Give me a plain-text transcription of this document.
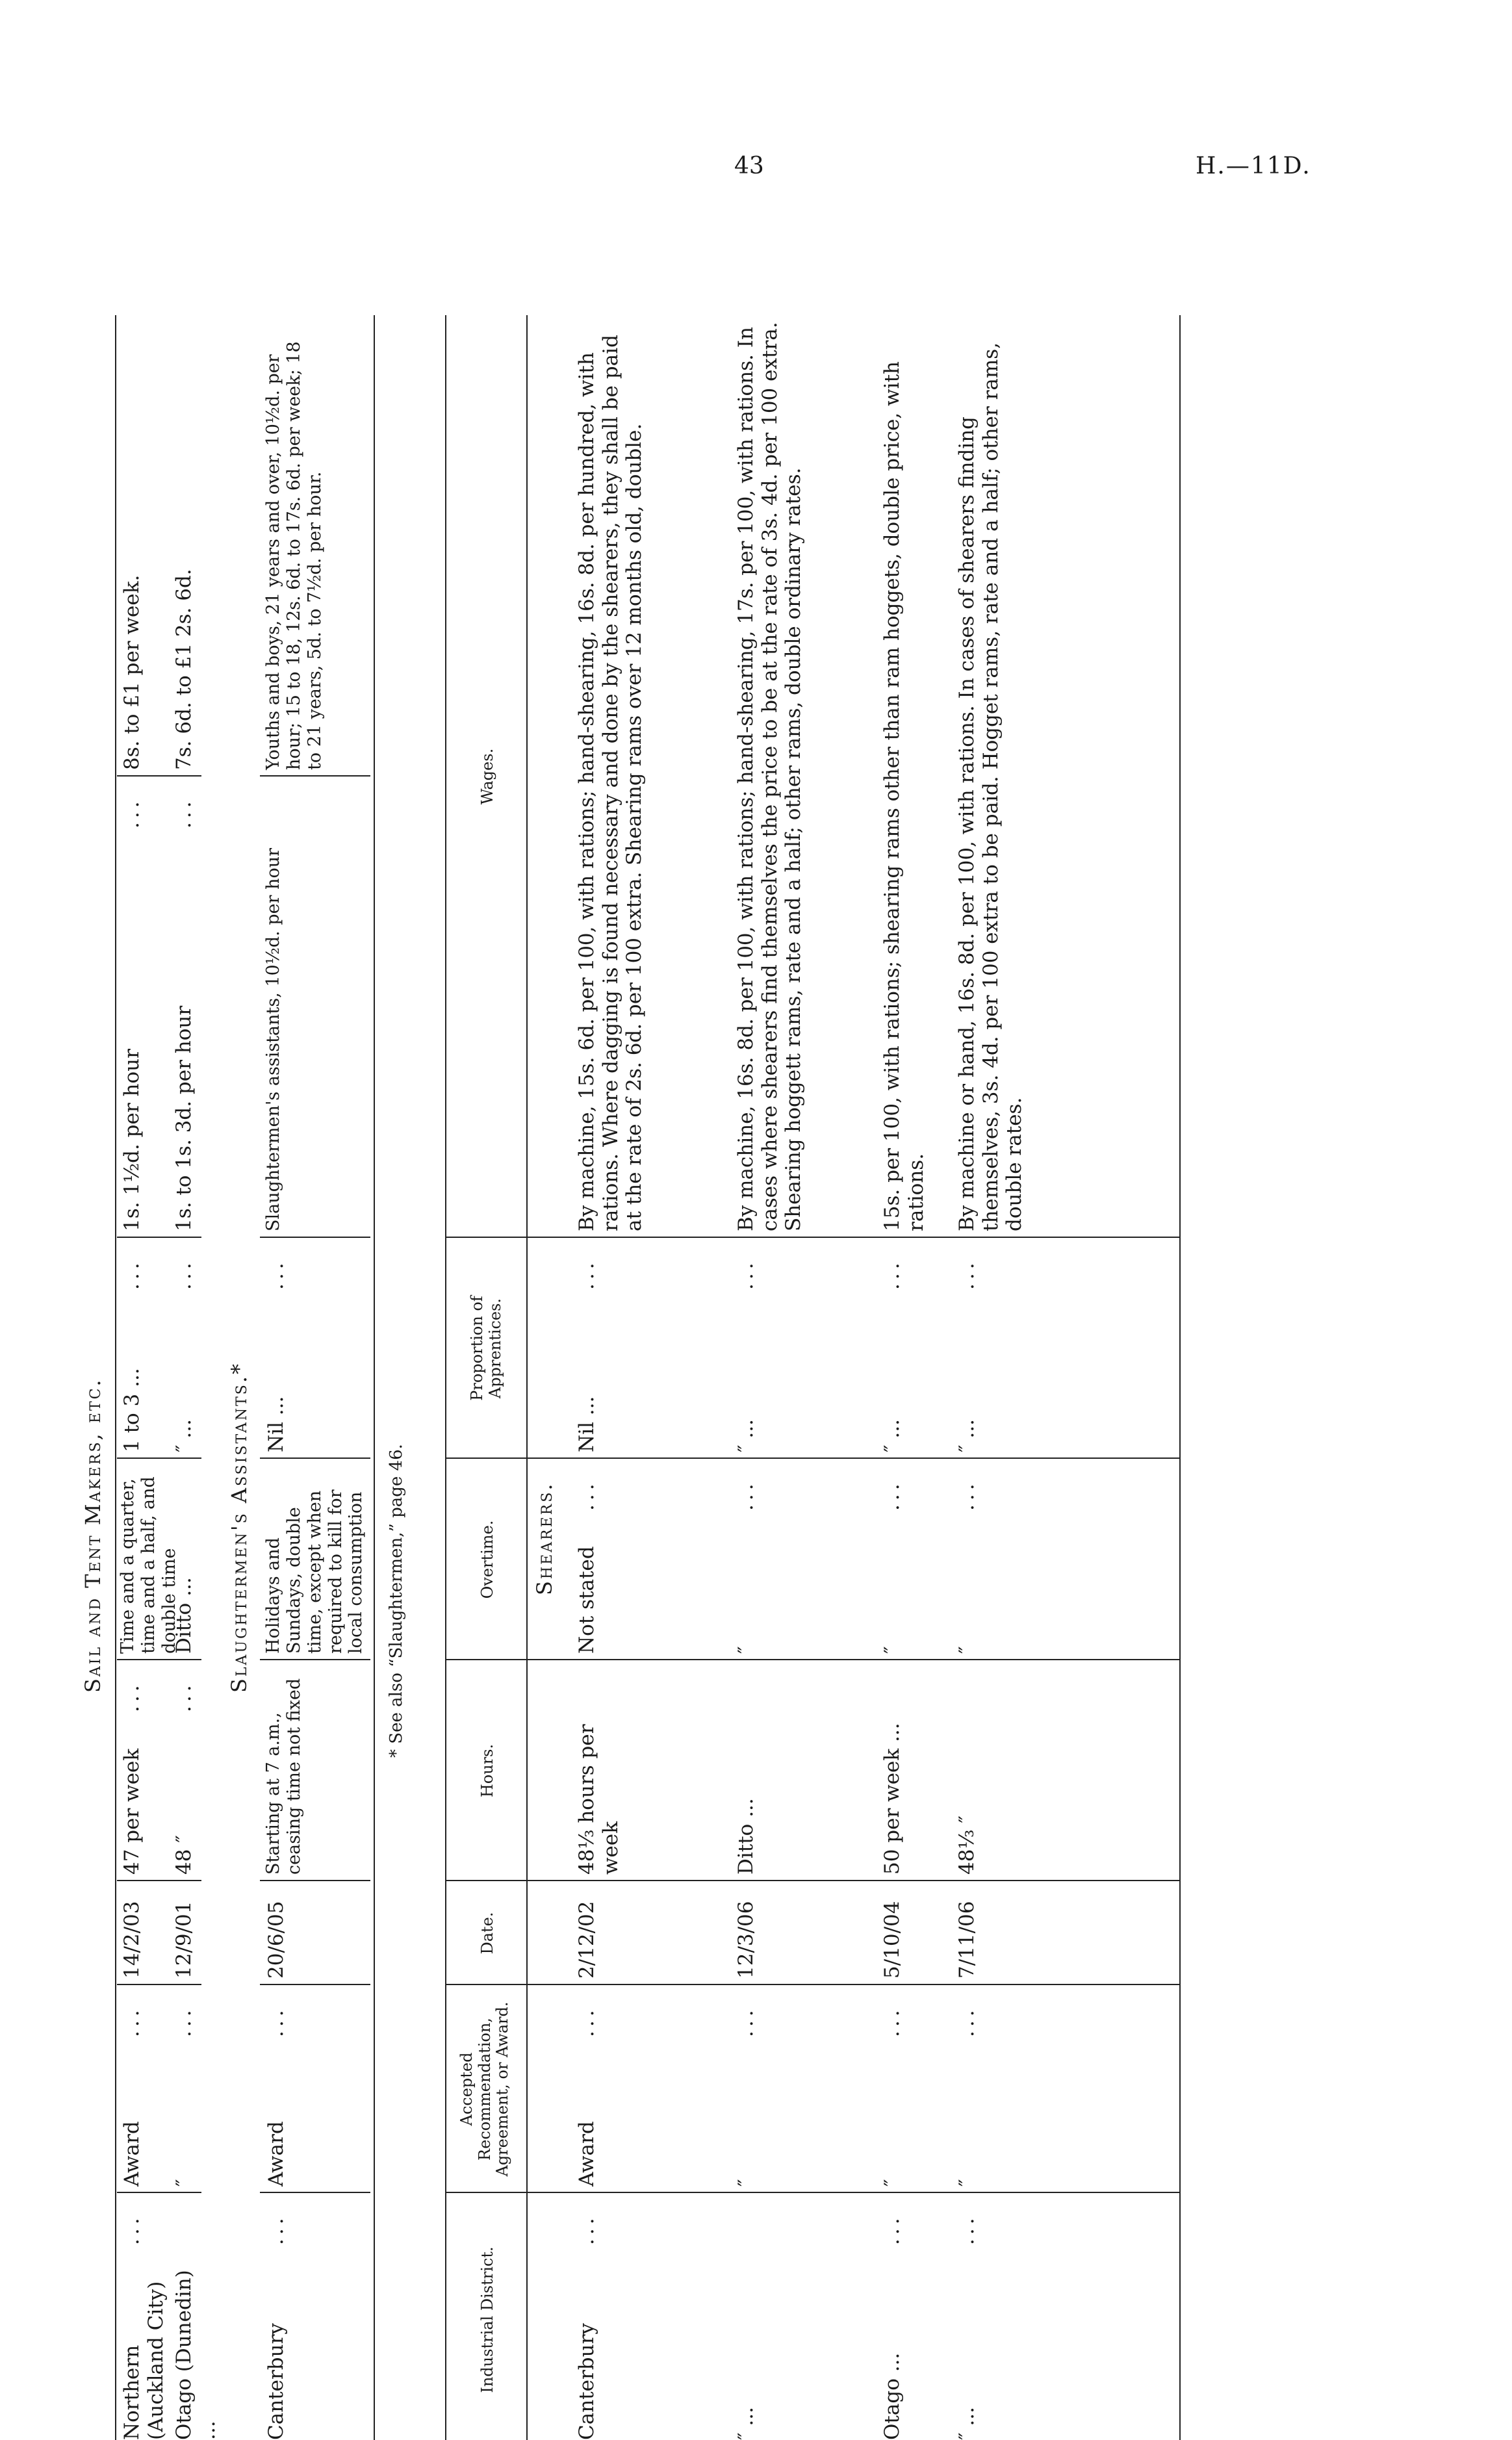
43	H.—11D.
Sail and Tent Makers, etc.
Northern (Auckland City)
...
Award
...
14/2/03
47 per week
...
Time and a quarter, time and a half, and double time
1 to 3 ...
...
1s. 1½d. per hour
...
8s. to £1 per week.
Otago (Dunedin) ...
″
...
12/9/01
48 ″
...
Ditto ...
″ ...
...
1s. to 1s. 3d. per hour
...
7s. 6d. to £1 2s. 6d.
Slaughtermen's Assistants.*
Canterbury
...
Award
...
20/6/05
Starting at 7 a.m., ceasing time not fixed
Holidays and Sundays, double time, except when required to kill for local consumption
Nil ...
...
Slaughtermen's assistants, 10½d. per hour
Youths and boys, 21 years and over, 10½d. per hour; 15 to 18, 12s. 6d. to 17s. 6d. per week; 18 to 21 years, 5d. to 7½d. per hour.
* See also “Slaughtermen,” page 46.
Industrial District.
Accepted Recommendation, Agreement, or Award.
Date.
Hours.
Overtime.
Proportion of Apprentices.
Wages.
Shearers.
Canterbury
...
Award
...
2/12/02
48⅓ hours per week
Not stated
...
Nil ...
...
By machine, 15s. 6d. per 100, with rations; hand-shearing, 16s. 8d. per hundred, with rations. Where dagging is found necessary and done by the shearers, they shall be paid at the rate of 2s. 6d. per 100 extra. Shearing rams over 12 months old, double.
″ ...
″
...
12/3/06
Ditto ...
″
...
″ ...
...
By machine, 16s. 8d. per 100, with rations; hand-shearing, 17s. per 100, with rations. In cases where shearers find themselves the price to be at the rate of 3s. 4d. per 100 extra. Shearing hoggett rams, rate and a half; other rams, double ordinary rates.
Otago ...
...
″
...
5/10/04
50 per week ...
″
...
″ ...
...
15s. per 100, with rations; shearing rams other than ram hoggets, double price, with rations.
″ ...
...
″
...
7/11/06
48⅓ ″
″
...
″ ...
...
By machine or hand, 16s. 8d. per 100, with rations. In cases of shearers finding themselves, 3s. 4d. per 100 extra to be paid. Hogget rams, rate and a half; other rams, double rates.
